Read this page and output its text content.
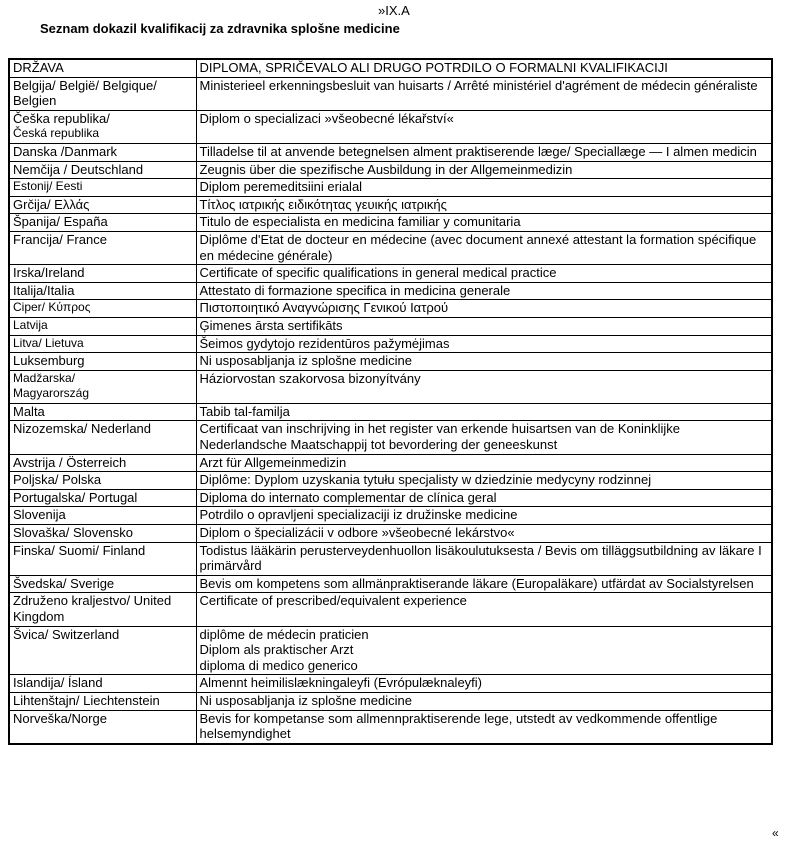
»IX.A
Seznam dokazil kvalifikacij za zdravnika splošne medicine
DRŽAVA	DIPLOMA, SPRIČEVALO ALI DRUGO POTRDILO O FORMALNI KVALIFIKACIJI
Belgija/ België/ Belgique/ Belgien	Ministerieel erkenningsbesluit van huisarts / Arrêté ministériel d'agrément de médecin généraliste

Češka republika/
Česká republika	Diplom o specializaci »všeobecné lékařství«
Danska /Danmark	Tilladelse til at anvende betegnelsen alment praktiserende læge/ Speciallæge — I almen medicin
Nemčija / Deutschland	Zeugnis über die spezifische Ausbildung in der Allgemeinmedizin
Estonij/ Eesti	Diplom peremeditsiini erialal
Grčija/ Ελλάς	Τίτλος ιατρικής ειδικότητας γευικής ιατρικής
Španija/ España	Titulo de especialista en medicina familiar y comunitaria
Francija/ France	Diplôme d'Etat de docteur en médecine (avec document annexé attestant la formation spécifique en médecine générale)
Irska/Ireland	Certificate of specific qualifications in general medical practice
Italija/Italia	Attestato di formazione specifica in medicina generale
Ciper/ Κύπρος	Πιστοποιητικό Αναγνώρισης Γενικού Ιατρού
Latvija	Ģimenes ārsta sertifikāts
Litva/ Lietuva	Šeimos gydytojo rezidentūros pažymėjimas
Luksemburg	Ni usposabljanja iz splošne medicine

Madžarska/
Magyarország	Háziorvostan szakorvosa bizonyítvány
Malta	Tabib tal-familja
Nizozemska/ Nederland	Certificaat van inschrijving in het register van erkende huisartsen van de Koninklijke Nederlandsche Maatschappij tot bevordering der geneeskunst
Avstrija / Österreich	Arzt für Allgemeinmedizin
Poljska/ Polska	Diplôme: Dyplom uzyskania tytułu specjalisty w dziedzinie medycyny rodzinnej
Portugalska/ Portugal	Diploma do internato complementar de clínica geral
Slovenija	Potrdilo o opravljeni specializaciji iz družinske medicine
Slovaška/ Slovensko	Diplom o špecializácii v odbore »všeobecné lekárstvo«
Finska/ Suomi/ Finland	Todistus lääkärin perusterveydenhuollon lisäkoulutuksesta / Bevis om tilläggsutbildning av läkare I primärvård
Švedska/ Sverige	Bevis om kompetens som allmänpraktiserande läkare (Europaläkare) utfärdat av Socialstyrelsen
Združeno kraljestvo/ United Kingdom	Certificate of prescribed/equivalent experience
Švica/ Switzerland	diplôme de médecin praticien
Diplom als praktischer Arzt
diploma di medico generico

Islandija/ Ísland	Almennt heimilislækningaleyfi (Evrópulæknaleyfi)
Lihtenštajn/ Liechtenstein	Ni usposabljanja iz splošne medicine
Norveška/Norge	Bevis for kompetanse som allmennpraktiserende lege, utstedt av vedkommende offentlige helsemyndighet
«
